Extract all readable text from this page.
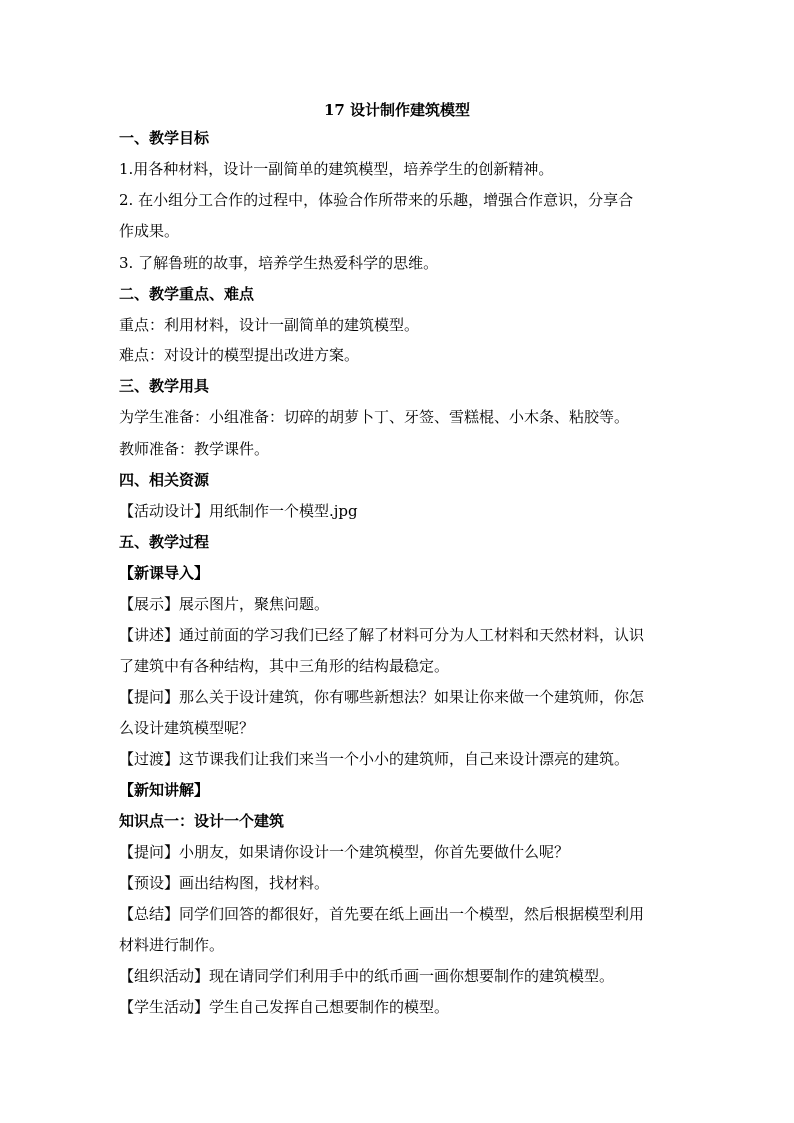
17 设计制作建筑模型
一、教学目标
1.用各种材料，设计一副简单的建筑模型，培养学生的创新精神。
2. 在小组分工合作的过程中，体验合作所带来的乐趣，增强合作意识，分享合
作成果。
3. 了解鲁班的故事，培养学生热爱科学的思维。
二、教学重点、难点
重点：利用材料，设计一副简单的建筑模型。
难点：对设计的模型提出改进方案。
三、教学用具
为学生准备：小组准备：切碎的胡萝卜丁、牙签、雪糕棍、小木条、粘胶等。
教师准备：教学课件。
四、相关资源
【活动设计】用纸制作一个模型.jpg
五、教学过程
【新课导入】
【展示】展示图片，聚焦问题。
【讲述】通过前面的学习我们已经了解了材料可分为人工材料和天然材料，认识
了建筑中有各种结构，其中三角形的结构最稳定。
【提问】那么关于设计建筑，你有哪些新想法？如果让你来做一个建筑师，你怎
么设计建筑模型呢？
【过渡】这节课我们让我们来当一个小小的建筑师，自己来设计漂亮的建筑。
【新知讲解】
知识点一：设计一个建筑
【提问】小朋友，如果请你设计一个建筑模型，你首先要做什么呢？
【预设】画出结构图，找材料。
【总结】同学们回答的都很好，首先要在纸上画出一个模型，然后根据模型利用
材料进行制作。
【组织活动】现在请同学们利用手中的纸币画一画你想要制作的建筑模型。
【学生活动】学生自己发挥自己想要制作的模型。
